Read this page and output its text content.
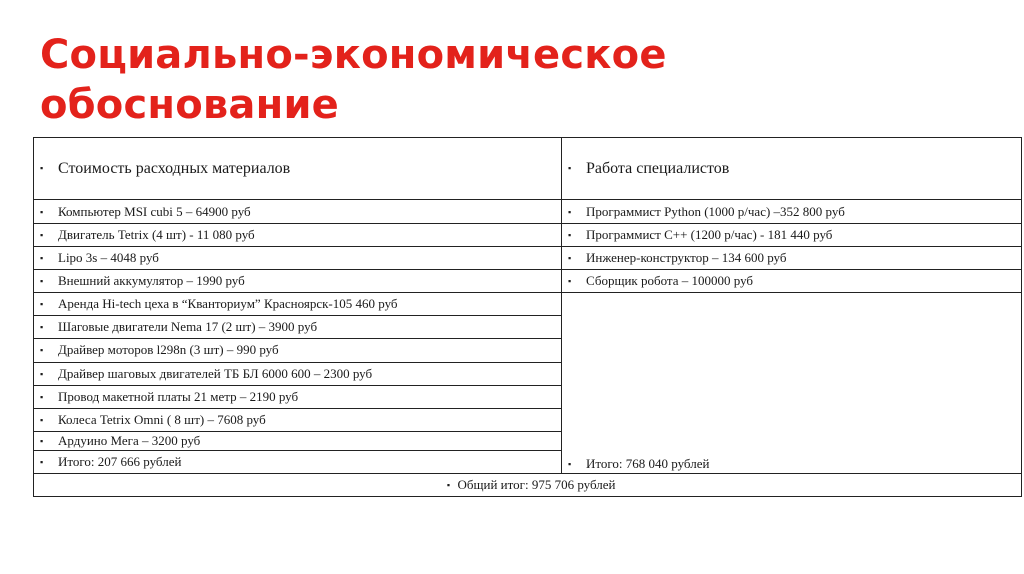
Социально-экономическое
обоснование
▪ Стоимость расходных материалов	▪ Работа специалистов
▪ Компьютер MSI cubi 5 – 64900 руб	▪ Программист Python (1000 р/час) –352 800 руб
▪ Двигатель Tetrix (4 шт) - 11 080 руб	▪ Программист С++ (1200 р/час) - 181 440 руб
▪ Lipo 3s – 4048 руб	▪ Инженер-конструктор – 134 600 руб
▪ Внешний аккумулятор – 1990 руб	▪ Сборщик робота – 100000 руб
▪ Аренда Hi-tech цеха в “Кванториум” Красноярск-105 460 руб	
▪ Шаговые двигатели Nema 17 (2 шт) – 3900 руб	
▪ Драйвер моторов l298n (3 шт) – 990 руб	
▪ Драйвер шаговых двигателей ТБ БЛ 6000 600 – 2300 руб	
▪ Провод макетной платы 21 метр – 2190 руб	
▪ Колеса Tetrix Omni ( 8 шт) – 7608 руб	
▪ Ардуино Мега – 3200 руб	
▪ Итого: 207 666 рублей	▪ Итого: 768 040 рублей
▪ Общий итог: 975 706 рублей	
